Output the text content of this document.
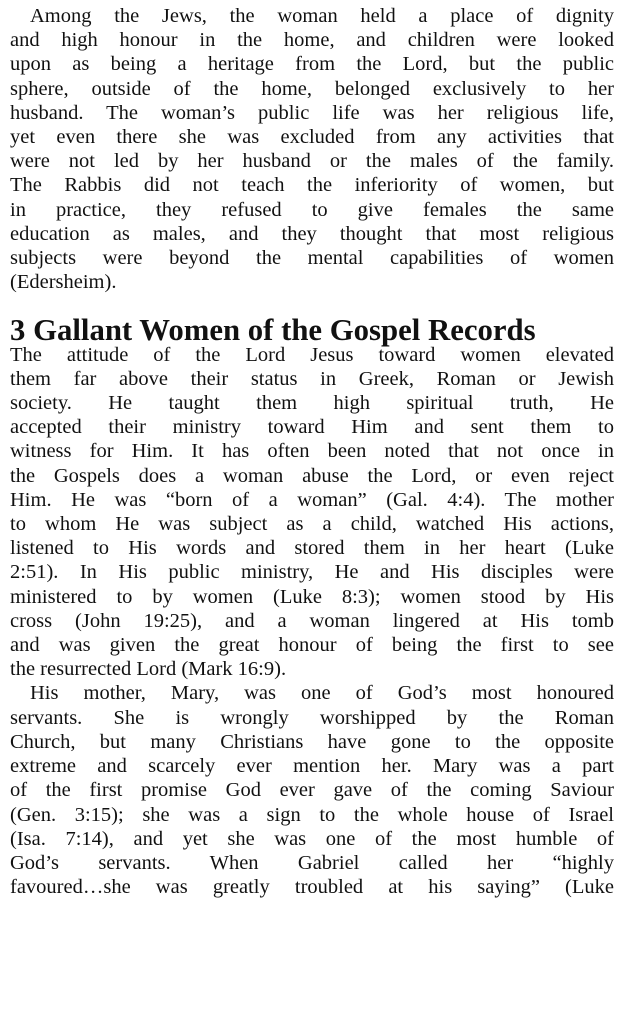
Among the Jews, the woman held a place of dignity
and high honour in the home, and children were looked
upon as being a heritage from the Lord, but the public
sphere, outside of the home, belonged exclusively to her
husband. The woman’s public life was her religious life,
yet even there she was excluded from any activities that
were not led by her husband or the males of the family.
The Rabbis did not teach the inferiority of women, but
in practice, they refused to give females the same
education as males, and they thought that most religious
subjects were beyond the mental capabilities of women
(Edersheim).
3 Gallant Women of the Gospel Records
The attitude of the Lord Jesus toward women elevated
them far above their status in Greek, Roman or Jewish
society. He taught them high spiritual truth, He
accepted their ministry toward Him and sent them to
witness for Him. It has often been noted that not once in
the Gospels does a woman abuse the Lord, or even reject
Him. He was “born of a woman” (Gal. 4:4). The mother
to whom He was subject as a child, watched His actions,
listened to His words and stored them in her heart (Luke
2:51). In His public ministry, He and His disciples were
ministered to by women (Luke 8:3); women stood by His
cross (John 19:25), and a woman lingered at His tomb
and was given the great honour of being the first to see
the resurrected Lord (Mark 16:9).
His mother, Mary, was one of God’s most honoured
servants. She is wrongly worshipped by the Roman
Church, but many Christians have gone to the opposite
extreme and scarcely ever mention her. Mary was a part
of the first promise God ever gave of the coming Saviour
(Gen. 3:15); she was a sign to the whole house of Israel
(Isa. 7:14), and yet she was one of the most humble of
God’s servants. When Gabriel called her “highly
favoured…she was greatly troubled at his saying” (Luke
